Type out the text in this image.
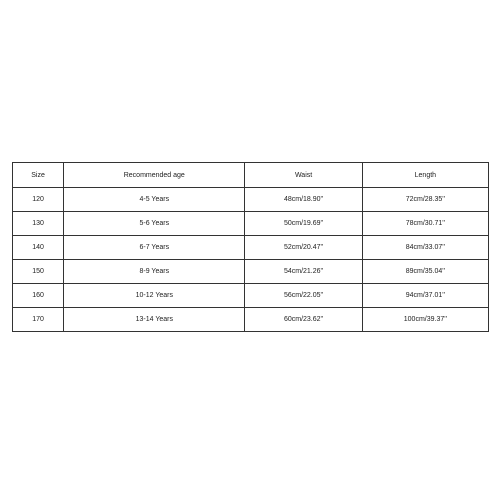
Size	Recommended age	Waist	Length
120	4-5 Years	48cm/18.90''	72cm/28.35''
130	5-6 Years	50cm/19.69''	78cm/30.71''
140	6-7 Years	52cm/20.47''	84cm/33.07''
150	8-9 Years	54cm/21.26''	89cm/35.04''
160	10-12 Years	56cm/22.05''	94cm/37.01''
170	13-14 Years	60cm/23.62''	100cm/39.37''
